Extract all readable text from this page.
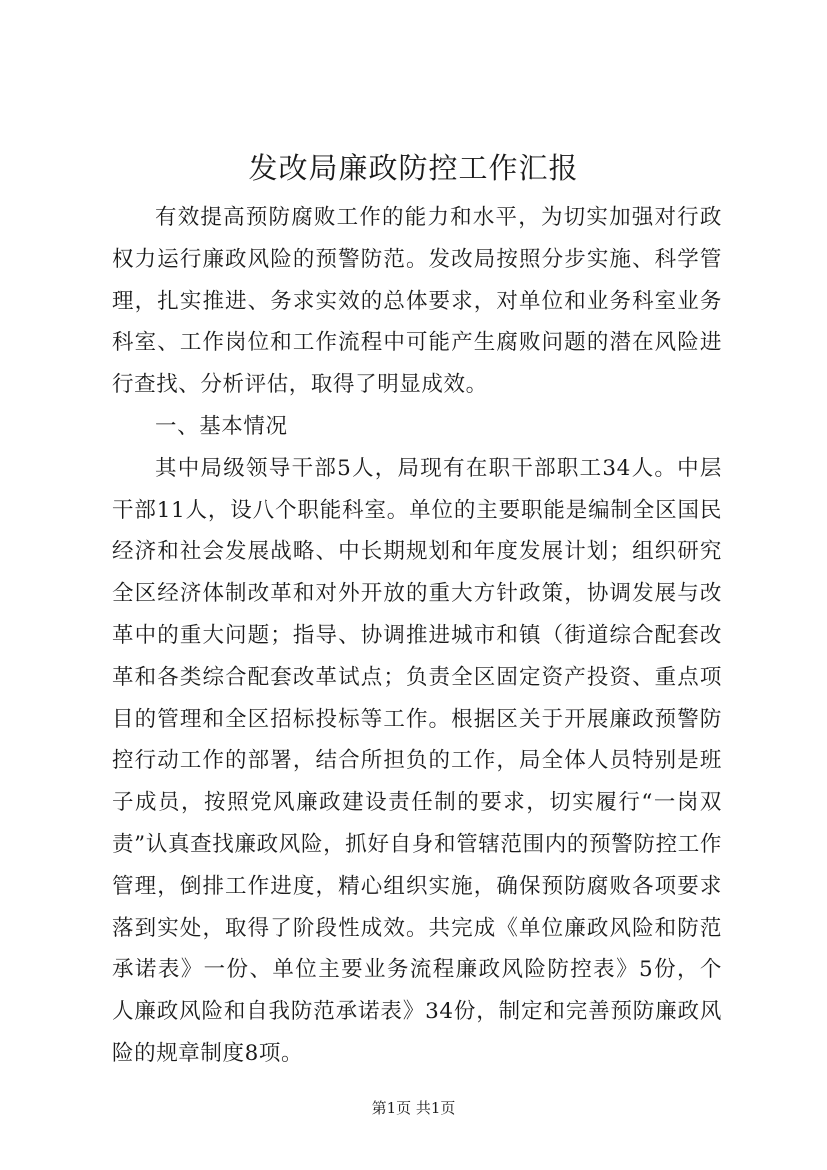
发改局廉政防控工作汇报

有效提高预防腐败工作的能力和水平，为切实加强对行政权力运行廉政风险的预警防范。发改局按照分步实施、科学管理，扎实推进、务求实效的总体要求，对单位和业务科室业务科室、工作岗位和工作流程中可能产生腐败问题的潜在风险进行查找、分析评估，取得了明显成效。

一、基本情况

其中局级领导干部5人，局现有在职干部职工34人。中层干部11人，设八个职能科室。单位的主要职能是编制全区国民经济和社会发展战略、中长期规划和年度发展计划；组织研究全区经济体制改革和对外开放的重大方针政策，协调发展与改革中的重大问题；指导、协调推进城市和镇（街道综合配套改革和各类综合配套改革试点；负责全区固定资产投资、重点项目的管理和全区招标投标等工作。根据区关于开展廉政预警防控行动工作的部署，结合所担负的工作，局全体人员特别是班子成员，按照党风廉政建设责任制的要求，切实履行“一岗双责”认真查找廉政风险，抓好自身和管辖范围内的预警防控工作管理，倒排工作进度，精心组织实施，确保预防腐败各项要求落到实处，取得了阶段性成效。共完成《单位廉政风险和防范承诺表》一份、单位主要业务流程廉政风险防控表》5份，个人廉政风险和自我防范承诺表》34份，制定和完善预防廉政风险的规章制度8项。

第1页 共1页
